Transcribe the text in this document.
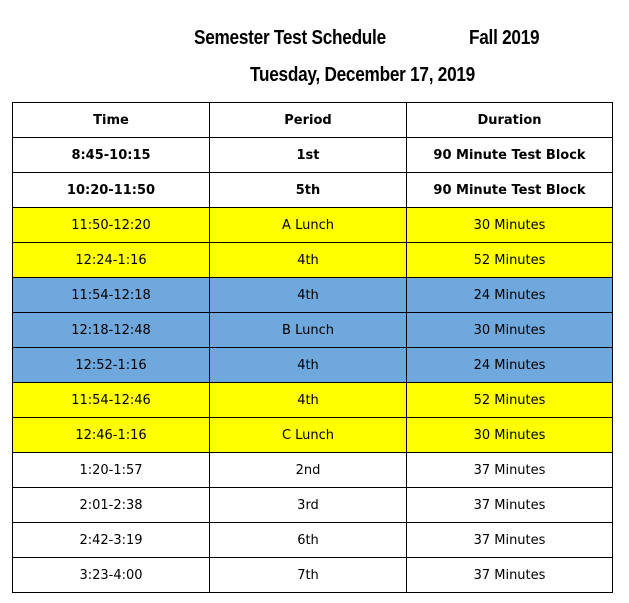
Semester Test Schedule	Fall 2019
Tuesday, December 17, 2019
Time	Period	Duration
8:45-10:15	1st	90 Minute Test Block
10:20-11:50	5th	90 Minute Test Block
11:50-12:20	A Lunch	30 Minutes
12:24-1:16	4th	52 Minutes
11:54-12:18	4th	24 Minutes
12:18-12:48	B Lunch	30 Minutes
12:52-1:16	4th	24 Minutes
11:54-12:46	4th	52 Minutes
12:46-1:16	C Lunch	30 Minutes
1:20-1:57	2nd	37 Minutes
2:01-2:38	3rd	37 Minutes
2:42-3:19	6th	37 Minutes
3:23-4:00	7th	37 Minutes
